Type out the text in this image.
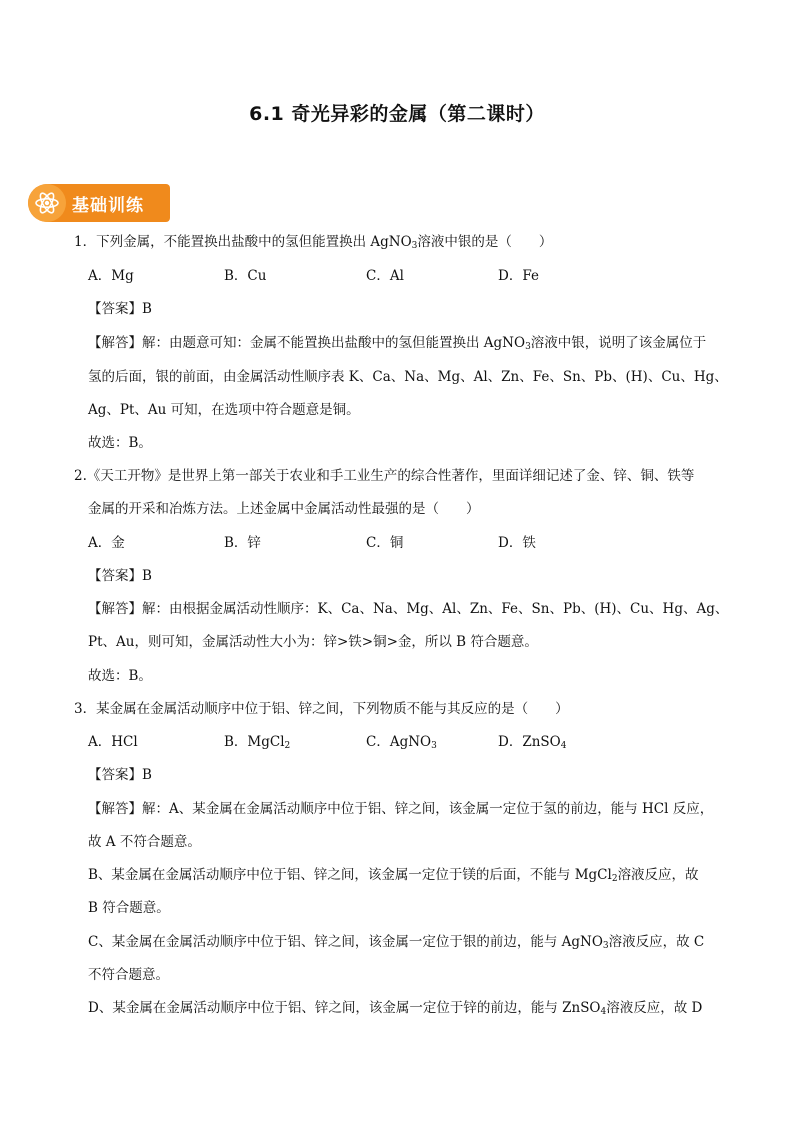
6.1 奇光异彩的金属（第二课时）
基础训练
1．下列金属，不能置换出盐酸中的氢但能置换出 AgNO$_3$溶液中银的是（　　）
A．Mg	B．Cu	C．Al	D．Fe
【答案】B
【解答】解：由题意可知：金属不能置换出盐酸中的氢但能置换出 AgNO$_3$溶液中银，说明了该金属位于
氢的后面，银的前面，由金属活动性顺序表 K、Ca、Na、Mg、Al、Zn、Fe、Sn、Pb、(H)、Cu、Hg、
Ag、Pt、Au 可知，在选项中符合题意是铜。
故选：B。
2.《天工开物》是世界上第一部关于农业和手工业生产的综合性著作，里面详细记述了金、锌、铜、铁等
金属的开采和冶炼方法。上述金属中金属活动性最强的是（　　）
A．金	B．锌	C．铜	D．铁
【答案】B
【解答】解：由根据金属活动性顺序：K、Ca、Na、Mg、Al、Zn、Fe、Sn、Pb、(H)、Cu、Hg、Ag、
Pt、Au，则可知，金属活动性大小为：锌>铁>铜>金，所以 B 符合题意。
故选：B。
3．某金属在金属活动顺序中位于铝、锌之间，下列物质不能与其反应的是（　　）
A．HCl	B．MgCl$_2$	C．AgNO$_3$	D．ZnSO$_4$
【答案】B
【解答】解：A、某金属在金属活动顺序中位于铝、锌之间，该金属一定位于氢的前边，能与 HCl 反应，
故 A 不符合题意。
B、某金属在金属活动顺序中位于铝、锌之间，该金属一定位于镁的后面，不能与 MgCl$_2$溶液反应，故
B 符合题意。
C、某金属在金属活动顺序中位于铝、锌之间，该金属一定位于银的前边，能与 AgNO$_3$溶液反应，故 C
不符合题意。
D、某金属在金属活动顺序中位于铝、锌之间，该金属一定位于锌的前边，能与 ZnSO$_4$溶液反应，故 D
